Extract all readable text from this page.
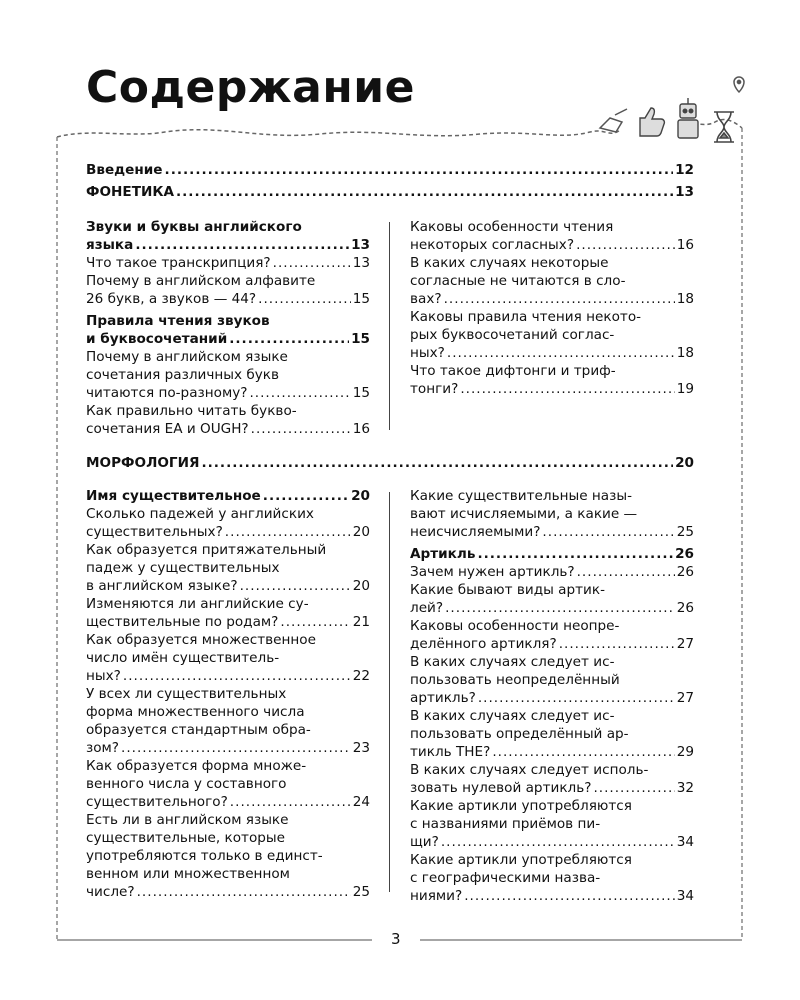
Содержание
Введение .....	12
ФОНЕТИКА .....	13
Звуки и буквы английского
языка .....	13
Что такое транскрипция? .....	13
Почему в английском алфавите
26 букв, а звуков — 44? .....	15
Правила чтения звуков
и буквосочетаний .....	15
Почему в английском языке
сочетания различных букв
читаются по-разному? .....	15
Как правильно читать букво-
сочетания EA и OUGH? .....	16
Каковы особенности чтения
некоторых согласных? .....	16
В каких случаях некоторые
согласные не читаются в сло-
вах? .....	18
Каковы правила чтения некото-
рых буквосочетаний соглас-
ных? .....	18
Что такое дифтонги и триф-
тонги? .....	19
МОРФОЛОГИЯ .....	20
Имя существительное .....	20
Сколько падежей у английских
существительных? .....	20
Как образуется притяжательный
падеж у существительных
в английском языке? .....	20
Изменяются ли английские су-
ществительные по родам? .....	21
Как образуется множественное
число имён существитель-
ных? .....	22
У всех ли существительных
форма множественного числа
образуется стандартным обра-
зом? .....	23
Как образуется форма множе-
венного числа у составного
существительного? .....	24
Есть ли в английском языке
существительные, которые
употребляются только в единст-
венном или множественном
числе? .....	25
Какие существительные назы-
вают исчисляемыми, а какие —
неисчисляемыми? .....	25
Артикль .....	26
Зачем нужен артикль? .....	26
Какие бывают виды артик-
лей? .....	26
Каковы особенности неопре-
делённого артикля? .....	27
В каких случаях следует ис-
пользовать неопределённый
артикль? .....	27
В каких случаях следует ис-
пользовать определённый ар-
тикль THE? .....	29
В каких случаях следует исполь-
зовать нулевой артикль? .....	32
Какие артикли употребляются
с названиями приёмов пи-
щи? .....	34
Какие артикли употребляются
с географическими назва-
ниями? .....	34
3
